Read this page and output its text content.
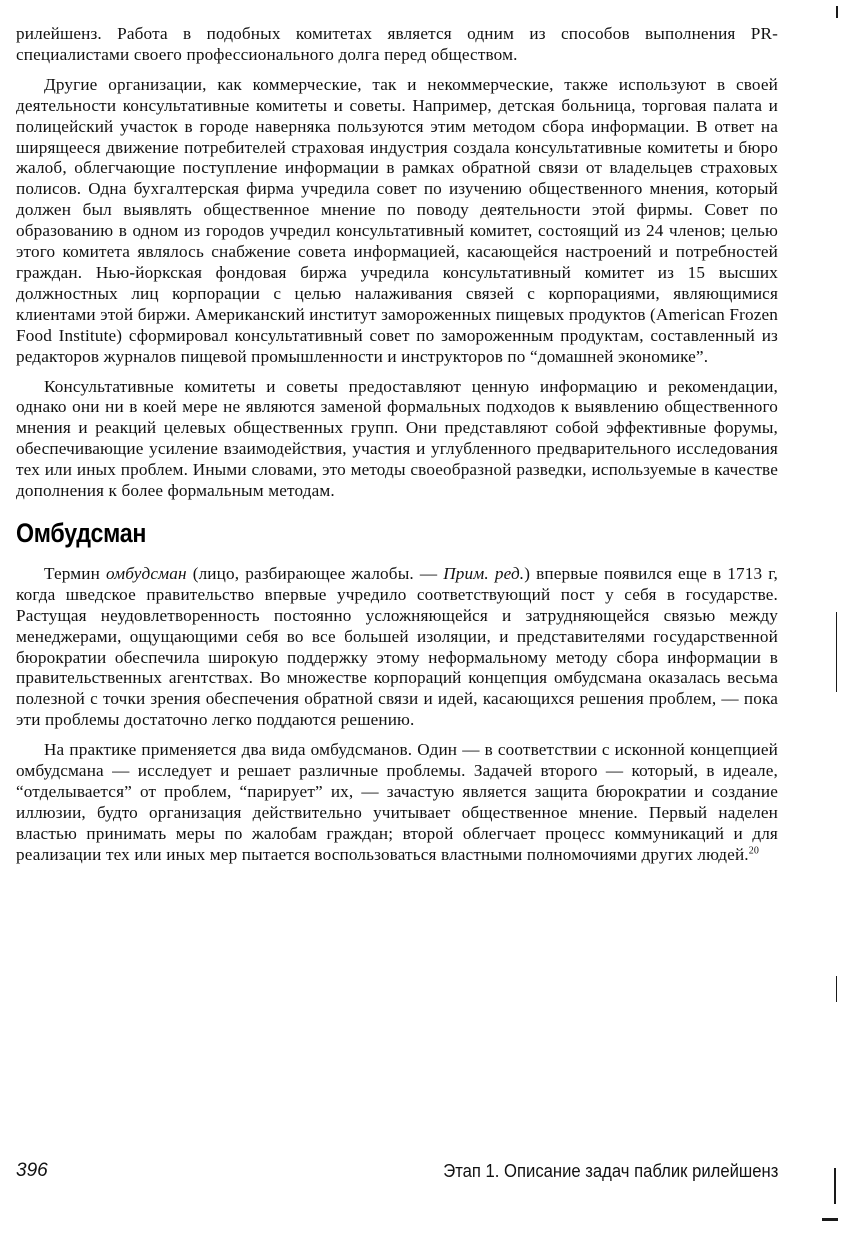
рилейшенз. Работа в подобных комитетах является одним из способов выполнения PR-специалистами своего профессионального долга перед обществом.

Другие организации, как коммерческие, так и некоммерческие, также используют в своей деятельности консультативные комитеты и советы. Например, детская больница, торговая палата и полицейский участок в городе наверняка пользуются этим методом сбора информации. В ответ на ширящееся движение потребителей страховая индустрия создала консультативные комитеты и бюро жалоб, облегчающие поступление информации в рамках обратной связи от владельцев страховых полисов. Одна бухгалтерская фирма учредила совет по изучению общественного мнения, который должен был выявлять общественное мнение по поводу деятельности этой фирмы. Совет по образованию в одном из городов учредил консультативный комитет, состоящий из 24 членов; целью этого комитета являлось снабжение совета информацией, касающейся настроений и потребностей граждан. Нью-йоркская фондовая биржа учредила консультативный комитет из 15 высших должностных лиц корпорации с целью налаживания связей с корпорациями, являющимися клиентами этой биржи. Американский институт замороженных пищевых продуктов (American Frozen Food Institute) сформировал консультативный совет по замороженным продуктам, составленный из редакторов журналов пищевой промышленности и инструкторов по “домашней экономике”.

Консультативные комитеты и советы предоставляют ценную информацию и рекомендации, однако они ни в коей мере не являются заменой формальных подходов к выявлению общественного мнения и реакций целевых общественных групп. Они представляют собой эффективные форумы, обеспечивающие усиление взаимодействия, участия и углубленного предварительного исследования тех или иных проблем. Иными словами, это методы своеобразной разведки, используемые в качестве дополнения к более формальным методам.

Омбудсман

Термин омбудсман (лицо, разбирающее жалобы. — Прим. ред.) впервые появился еще в 1713 г, когда шведское правительство впервые учредило соответствующий пост у себя в государстве. Растущая неудовлетворенность постоянно усложняющейся и затрудняющейся связью между менеджерами, ощущающими себя во все большей изоляции, и представителями государственной бюрократии обеспечила широкую поддержку этому неформальному методу сбора информации в правительственных агентствах. Во множестве корпораций концепция омбудсмана оказалась весьма полезной с точки зрения обеспечения обратной связи и идей, касающихся решения проблем, — пока эти проблемы достаточно легко поддаются решению.

На практике применяется два вида омбудсманов. Один — в соответствии с исконной концепцией омбудсмана — исследует и решает различные проблемы. Задачей второго — который, в идеале, “отделывается” от проблем, “парирует” их, — зачастую является защита бюрократии и создание иллюзии, будто организация действительно учитывает общественное мнение. Первый наделен властью принимать меры по жалобам граждан; второй облегчает процесс коммуникаций и для реализации тех или иных мер пытается воспользоваться властными полномочиями других людей.$^{20}$

396	Этап 1. Описание задач паблик рилейшенз
